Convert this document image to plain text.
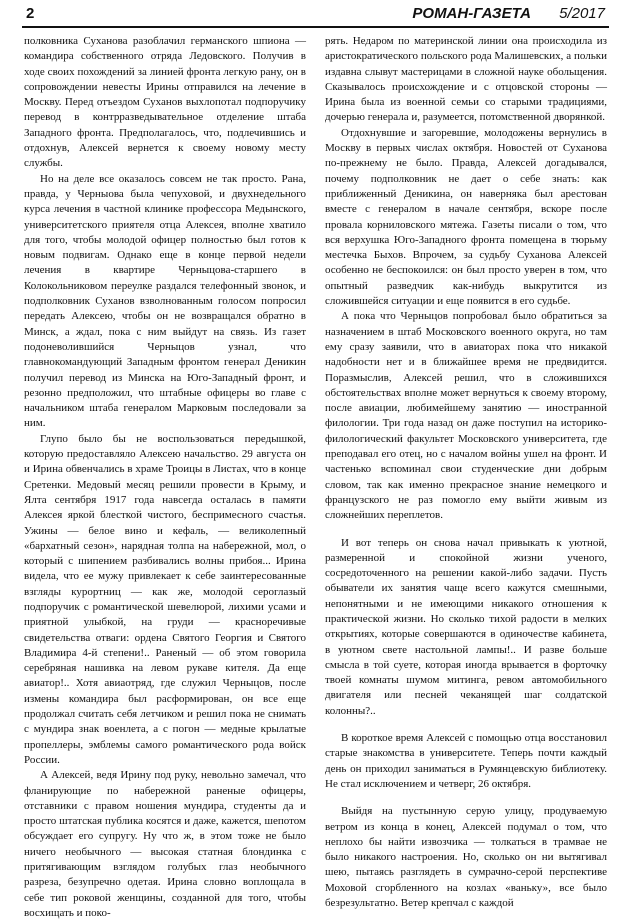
2	РОМАН-ГАЗЕТА 5/2017

полковника Суханова разоблачил германского шпиона — командира собственного отряда Ледовского. Получив в ходе своих похождений за линией фронта легкую рану, он в сопровождении невесты Ирины отправился на лечение в Москву. Перед отъездом Суханов выхлопотал подпоручику перевод в контрразведывательное отделение штаба Западного фронта. Предполагалось, что, подлечившись и отдохнув, Алексей вернется к своему новому месту службы.

Но на деле все оказалось совсем не так просто. Рана, правда, у Черныова была чепуховой, и двухнедельного курса лечения в частной клинике профессора Медынского, университетского приятеля отца Алексея, вполне хватило для того, чтобы молодой офицер полностью был готов к новым подвигам. Однако еще в конце первой недели лечения в квартире Черныцова-старшего в Колокольниковом переулке раздался телефонный звонок, и подполковник Суханов взволнованным голосом попросил передать Алексею, чтобы он не возвращался обратно в Минск, а ждал, пока с ним выйдут на связь. Из газет подоневолившийся Черныцов узнал, что главнокомандующий Западным фронтом генерал Деникин получил перевод из Минска на Юго-Западный фронт, и резонно предположил, что штабные офицеры во главе с начальником штаба генералом Марковым последовали за ним.

Глупо было бы не воспользоваться передышкой, которую предоставляло Алексею начальство. 29 августа он и Ирина обвенчались в храме Троицы в Листах, что в конце Сретенки. Медовый месяц решили провести в Крыму, и Ялта сентября 1917 года навсегда осталась в памяти Алексея яркой блесткой чистого, беспримесного счастья. Ужины — белое вино и кефаль, — великолепный «бархатный сезон», нарядная толпа на набережной, мол, о который с шипением разбивались волны прибоя... Ирина видела, что ее мужу привлекает к себе заинтересованные взгляды курортниц — как же, молодой сероглазый подпоручик с романтической шевелюрой, лихими усами и приятной улыбкой, на груди — красноречивые свидетельства отваги: ордена Святого Георгия и Святого Владимира 4-й степени!.. Раненый — об этом говорила серебряная нашивка на левом рукаве кителя. Да еще авиатор!.. Хотя авиаотряд, где служил Черныцов, после измены командира был расформирован, он все еще продолжал считать себя летчиком и решил пока не снимать с мундира знак военлета, а с погон — медные крылатые пропеллеры, эмблемы самого романтического рода войск России.

А Алексей, ведя Ирину под руку, невольно замечал, что фланирующие по набережной раненые офицеры, отставники с правом ношения мундира, студенты да и просто штатская публика косятся и даже, кажется, шепотом обсуждает его супругу. Ну что ж, в этом тоже не было ничего необычного — высокая статная блондинка с притягивающим взглядом голубых глаз необычного разреза, безупречно одетая. Ирина словно воплощала в себе тип роковой женщины, созданной для того, чтобы восхищать и поко-

рять. Недаром по материнской линии она происходила из аристократического польского рода Малишевских, а польки издавна слывут мастерицами в сложной науке обольщения. Сказывалось происхождение и с отцовской стороны — Ирина была из военной семьи со старыми традициями, дочерью генерала и, разумеется, потомственной дворянкой.

Отдохнувшие и загоревшие, молодожены вернулись в Москву в первых числах октября. Новостей от Суханова по-прежнему не было. Правда, Алексей догадывался, почему подполковник не дает о себе знать: как приближенный Деникина, он наверняка был арестован вместе с генералом в начале сентября, вскоре после провала корниловского мятежа. Газеты писали о том, что вся верхушка Юго-Западного фронта помещена в тюрьму местечка Быхов. Впрочем, за судьбу Суханова Алексей особенно не беспокоился: он был просто уверен в том, что опытный разведчик как-нибудь выкрутится из сложившейся ситуации и еще появится в его судьбе.

А пока что Черныцов попробовал было обратиться за назначением в штаб Московского военного округа, но там ему сразу заявили, что в авиаторах пока что никакой надобности нет и в ближайшее время не предвидится. Поразмыслив, Алексей решил, что в сложившихся обстоятельствах вполне может вернуться к своему второму, после авиации, любимейшему занятию — иностранной филологии. Три года назад он даже поступил на историко-филологический факультет Московского университета, где преподавал его отец, но с началом войны ушел на фронт. И частенько вспоминал свои студенческие дни добрым словом, так как именно прекрасное знание немецкого и французского не раз помогло ему выйти живым из сложнейших переплетов.

И вот теперь он снова начал привыкать к уютной, размеренной и спокойной жизни ученого, сосредоточенного на решении какой-либо задачи. Пусть обыватели их занятия чаще всего кажутся смешными, непонятными и не имеющими никакого отношения к практической жизни. Но сколько тихой радости в мелких открытиях, которые совершаются в одиночестве кабинета, в уютном свете настольной лампы!.. И разве больше смысла в той суете, которая иногда врывается в форточку твоей комнаты шумом митинга, ревом автомобильного двигателя или песней чеканящей шаг солдатской колонны?..

В короткое время Алексей с помощью отца восстановил старые знакомства в университете. Теперь почти каждый день он приходил заниматься в Румянцевскую библиотеку. Не стал исключением и четверг, 26 октября.

Выйдя на пустынную серую улицу, продуваемую ветром из конца в конец, Алексей подумал о том, что неплохо бы найти извозчика — толкаться в трамвае не было никакого настроения. Но, сколько он ни вытягивал шею, пытаясь разглядеть в сумрачно-серой перспективе Моховой сгорбленного на козлах «ваньку», все было безрезультатно. Ветер крепчал с каждой
